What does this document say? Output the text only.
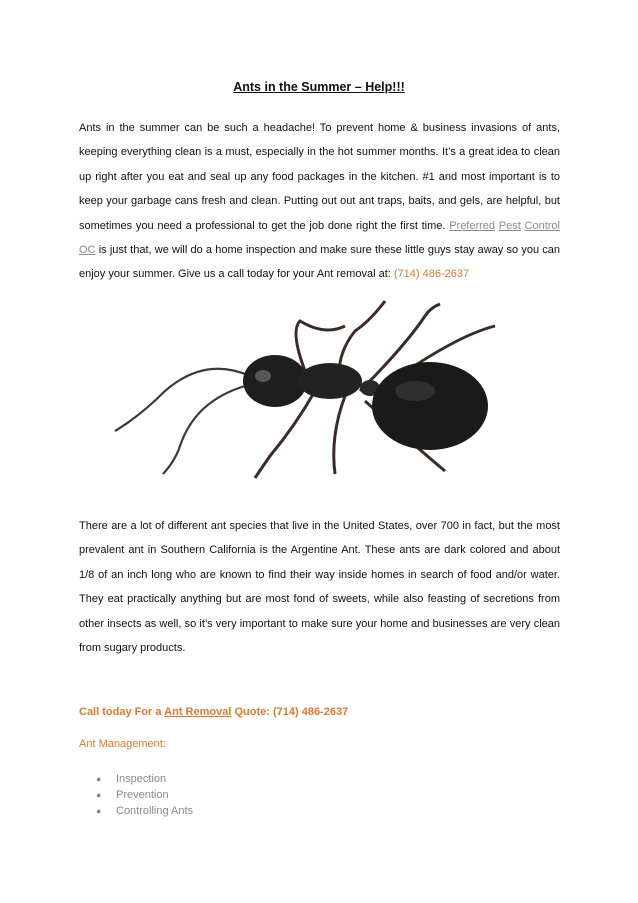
Ants in the Summer – Help!!!
Ants in the summer can be such a headache! To prevent home & business invasions of ants, keeping everything clean is a must, especially in the hot summer months. It’s a great idea to clean up right after you eat and seal up any food packages in the kitchen. #1 and most important is to keep your garbage cans fresh and clean. Putting out out ant traps, baits, and gels, are helpful, but sometimes you need a professional to get the job done right the first time. Preferred Pest Control OC is just that, we will do a home inspection and make sure these little guys stay away so you can enjoy your summer. Give us a call today for your Ant removal at: (714) 486-2637
There are a lot of different ant species that live in the United States, over 700 in fact, but the most prevalent ant in Southern California is the Argentine Ant. These ants are dark colored and about 1/8 of an inch long who are known to find their way inside homes in search of food and/or water. They eat practically anything but are most fond of sweets, while also feasting of secretions from other insects as well, so it’s very important to make sure your home and businesses are very clean from sugary products.
Call today For a Ant Removal Quote: (714) 486-2637
Ant Management:
● Inspection
● Prevention
● Controlling Ants
